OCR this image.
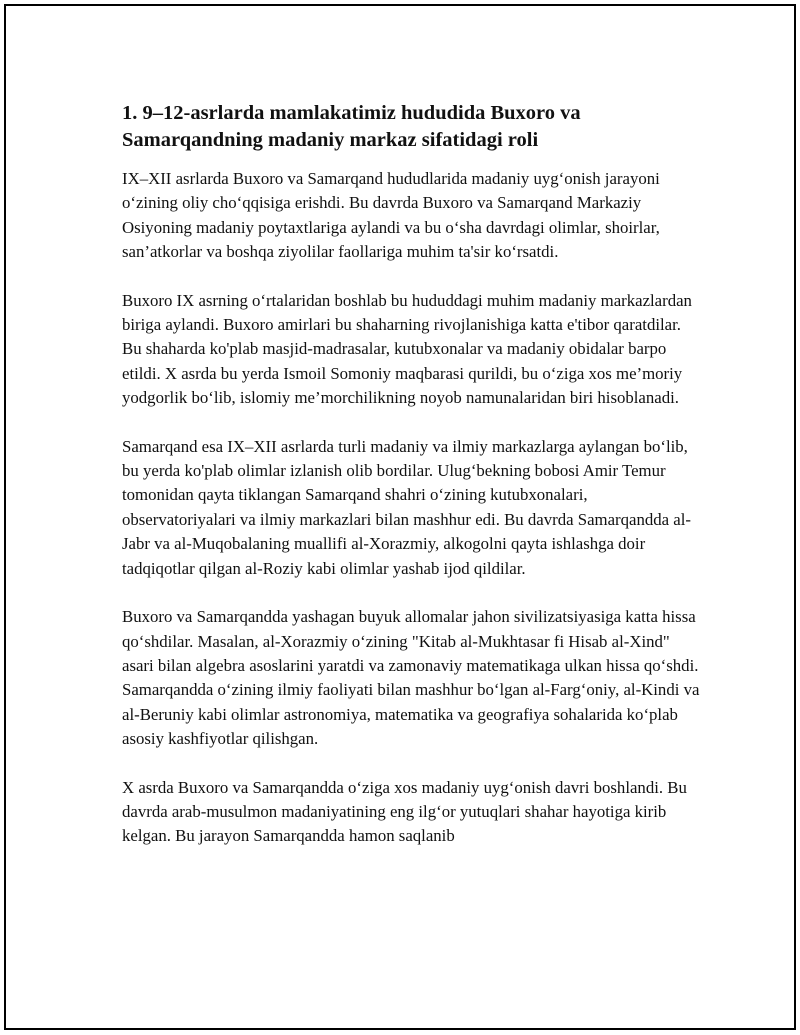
1. 9–12-asrlarda mamlakatimiz hududida Buxoro va Samarqandning madaniy markaz sifatidagi roli

IX–XII asrlarda Buxoro va Samarqand hududlarida madaniy uygʻonish jarayoni oʻzining oliy choʻqqisiga erishdi. Bu davrda Buxoro va Samarqand Markaziy Osiyoning madaniy poytaxtlariga aylandi va bu oʻsha davrdagi olimlar, shoirlar, san’atkorlar va boshqa ziyolilar faollariga muhim ta'sir koʻrsatdi.

Buxoro IX asrning oʻrtalaridan boshlab bu hududdagi muhim madaniy markazlardan biriga aylandi. Buxoro amirlari bu shaharning rivojlanishiga katta e'tibor qaratdilar. Bu shaharda ko'plab masjid-madrasalar, kutubxonalar va madaniy obidalar barpo etildi. X asrda bu yerda Ismoil Somoniy maqbarasi qurildi, bu oʻziga xos me’moriy yodgorlik boʻlib, islomiy me’morchilikning noyob namunalaridan biri hisoblanadi.

Samarqand esa IX–XII asrlarda turli madaniy va ilmiy markazlarga aylangan boʻlib, bu yerda ko'plab olimlar izlanish olib bordilar. Ulugʻbekning bobosi Amir Temur tomonidan qayta tiklangan Samarqand shahri oʻzining kutubxonalari, observatoriyalari va ilmiy markazlari bilan mashhur edi. Bu davrda Samarqandda al-Jabr va al-Muqobalaning muallifi al-Xorazmiy, alkogolni qayta ishlashga doir tadqiqotlar qilgan al-Roziy kabi olimlar yashab ijod qildilar.

Buxoro va Samarqandda yashagan buyuk allomalar jahon sivilizatsiyasiga katta hissa qoʻshdilar. Masalan, al-Xorazmiy oʻzining "Kitab al-Mukhtasar fi Hisab al-Xind" asari bilan algebra asoslarini yaratdi va zamonaviy matematikaga ulkan hissa qoʻshdi. Samarqandda oʻzining ilmiy faoliyati bilan mashhur boʻlgan al-Fargʻoniy, al-Kindi va al-Beruniy kabi olimlar astronomiya, matematika va geografiya sohalarida koʻplab asosiy kashfiyotlar qilishgan.

X asrda Buxoro va Samarqandda oʻziga xos madaniy uygʻonish davri boshlandi. Bu davrda arab-musulmon madaniyatining eng ilgʻor yutuqlari shahar hayotiga kirib kelgan. Bu jarayon Samarqandda hamon saqlanib
